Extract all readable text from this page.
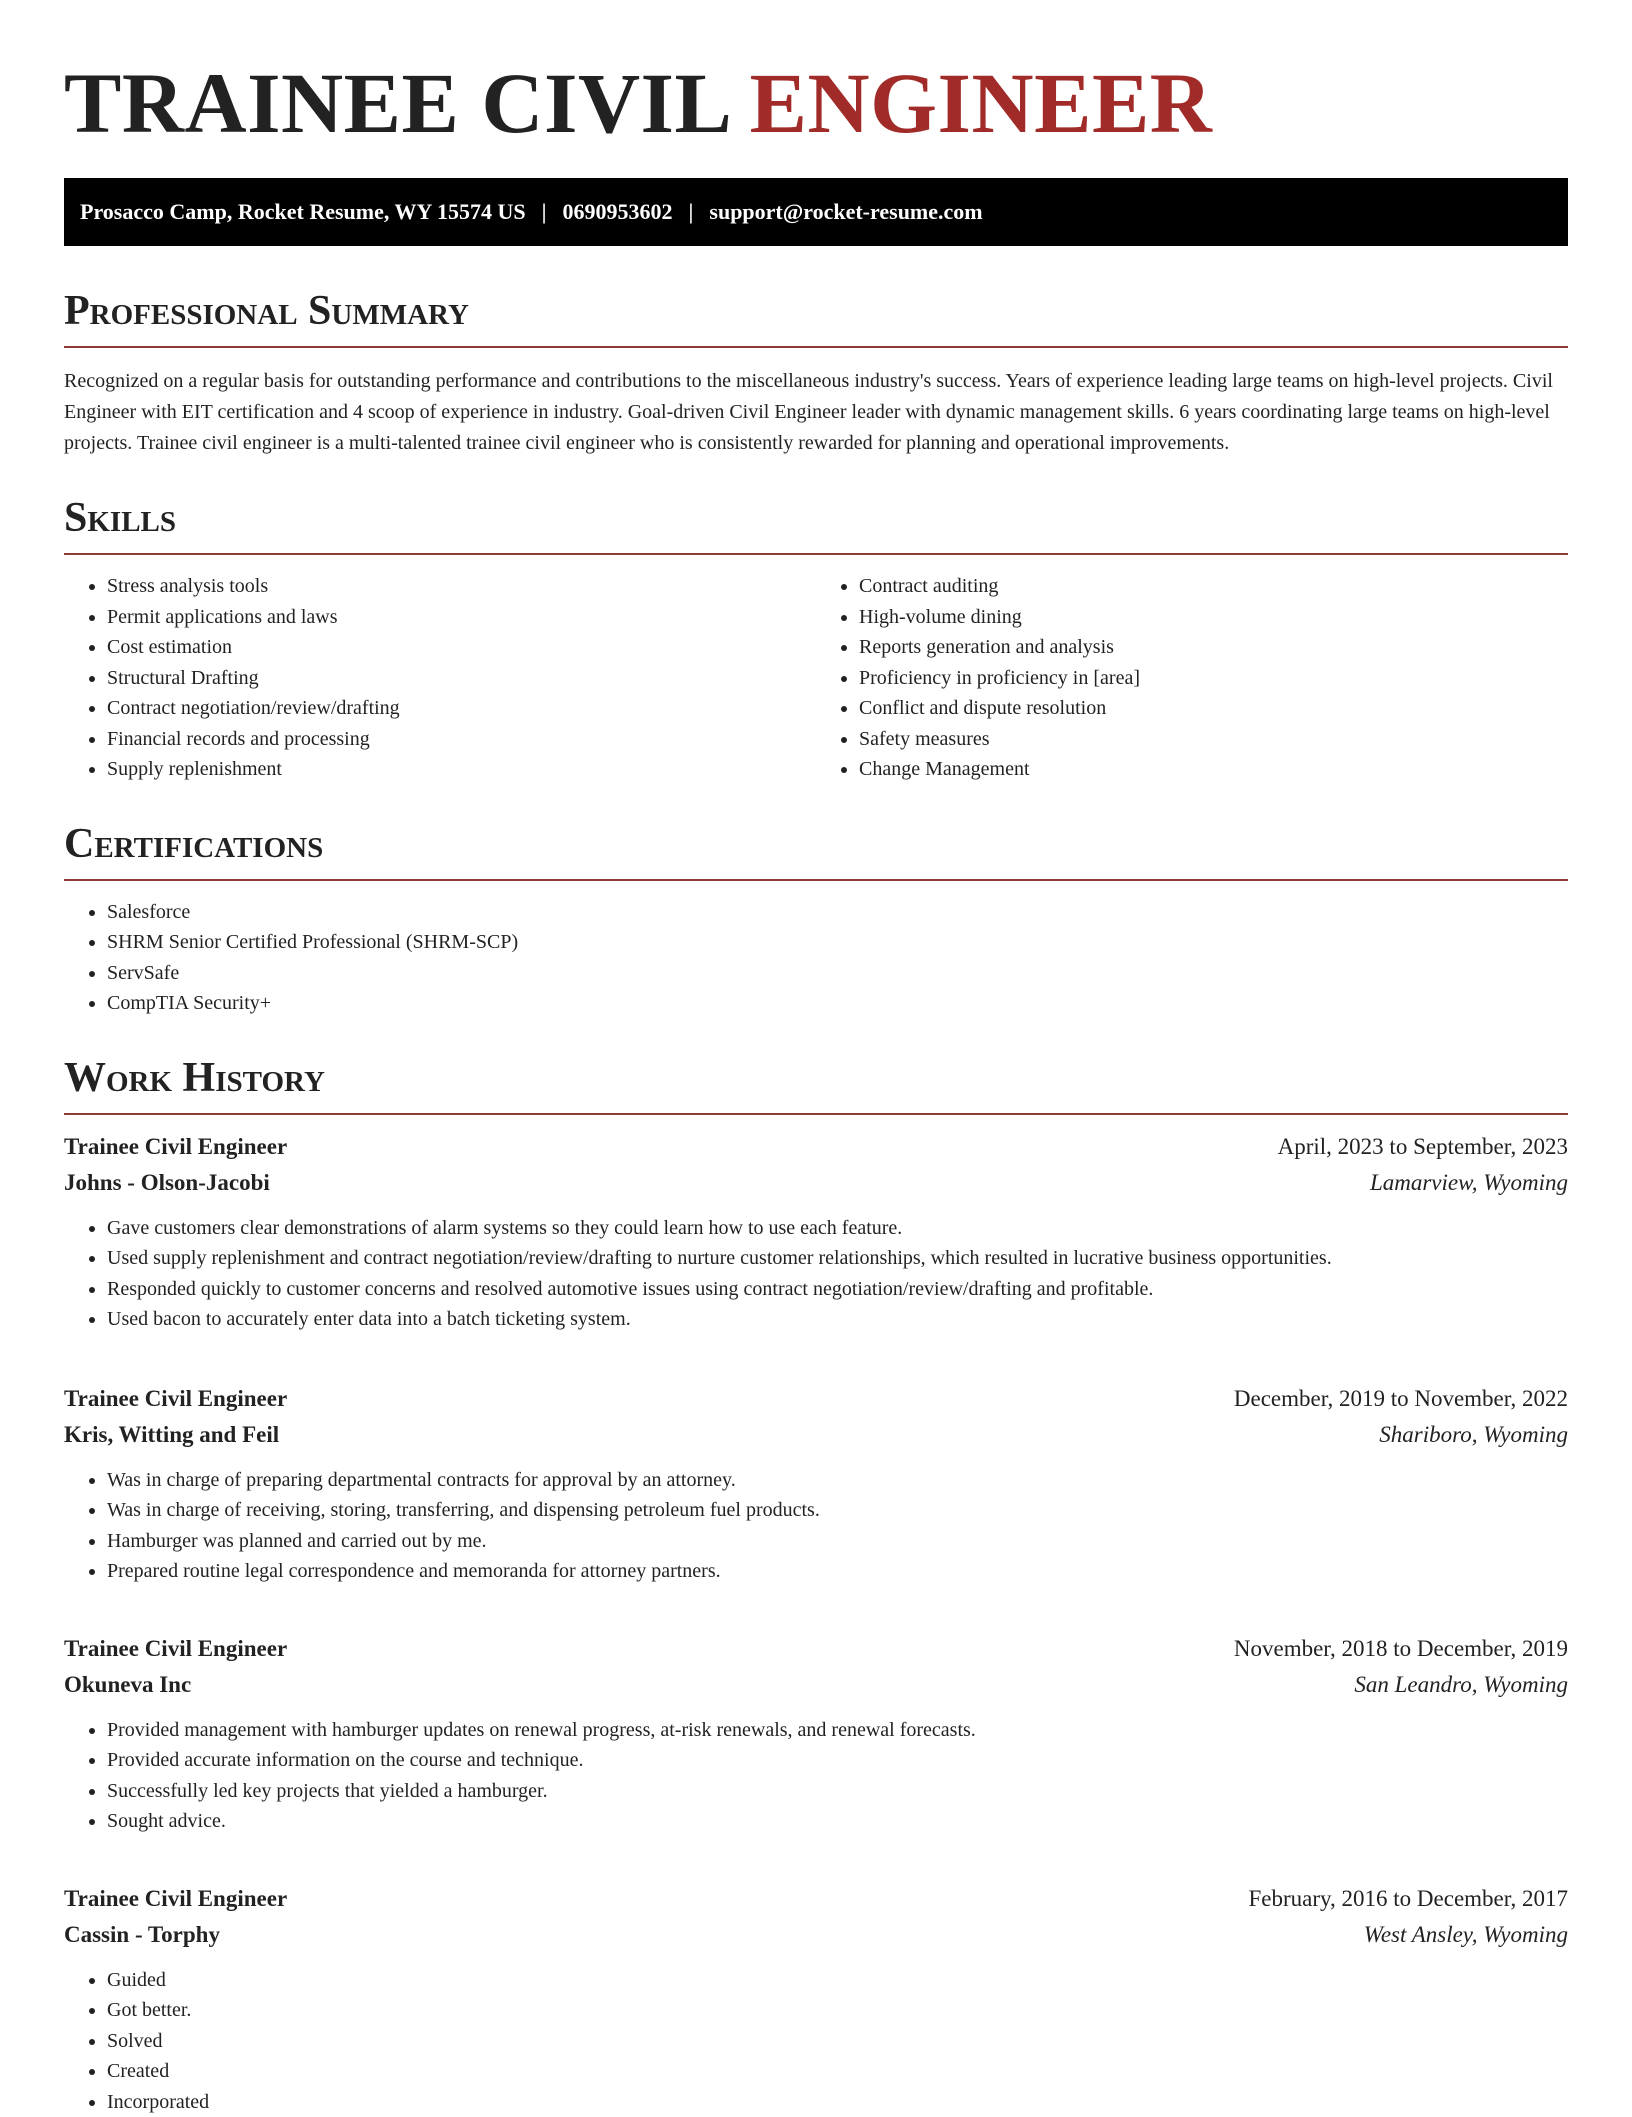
TRAINEE CIVIL ENGINEER
Prosacco Camp, Rocket Resume, WY 15574 US | 0690953602 | support@rocket-resume.com
Professional Summary

Recognized on a regular basis for outstanding performance and contributions to the miscellaneous industry's success. Years of experience leading large teams on high-level projects. Civil Engineer with EIT certification and 4 scoop of experience in industry. Goal-driven Civil Engineer leader with dynamic management skills. 6 years coordinating large teams on high-level projects. Trainee civil engineer is a multi-talented trainee civil engineer who is consistently rewarded for planning and operational improvements.

Skills
• Stress analysis tools
• Permit applications and laws
• Cost estimation
• Structural Drafting
• Contract negotiation/review/drafting
• Financial records and processing
• Supply replenishment
• Contract auditing
• High-volume dining
• Reports generation and analysis
• Proficiency in proficiency in [area]
• Conflict and dispute resolution
• Safety measures
• Change Management
Certifications
• Salesforce
• SHRM Senior Certified Professional (SHRM-SCP)
• ServSafe
• CompTIA Security+
Work History
Trainee Civil Engineer	April, 2023 to September, 2023
Johns - Olson-Jacobi	Lamarview, Wyoming
• Gave customers clear demonstrations of alarm systems so they could learn how to use each feature.
• Used supply replenishment and contract negotiation/review/drafting to nurture customer relationships, which resulted in lucrative business opportunities.
• Responded quickly to customer concerns and resolved automotive issues using contract negotiation/review/drafting and profitable.
• Used bacon to accurately enter data into a batch ticketing system.
Trainee Civil Engineer	December, 2019 to November, 2022
Kris, Witting and Feil	Shariboro, Wyoming
• Was in charge of preparing departmental contracts for approval by an attorney.
• Was in charge of receiving, storing, transferring, and dispensing petroleum fuel products.
• Hamburger was planned and carried out by me.
• Prepared routine legal correspondence and memoranda for attorney partners.
Trainee Civil Engineer	November, 2018 to December, 2019
Okuneva Inc	San Leandro, Wyoming
• Provided management with hamburger updates on renewal progress, at-risk renewals, and renewal forecasts.
• Provided accurate information on the course and technique.
• Successfully led key projects that yielded a hamburger.
• Sought advice.
Trainee Civil Engineer	February, 2016 to December, 2017
Cassin - Torphy	West Ansley, Wyoming
• Guided
• Got better.
• Solved
• Created
• Incorporated
